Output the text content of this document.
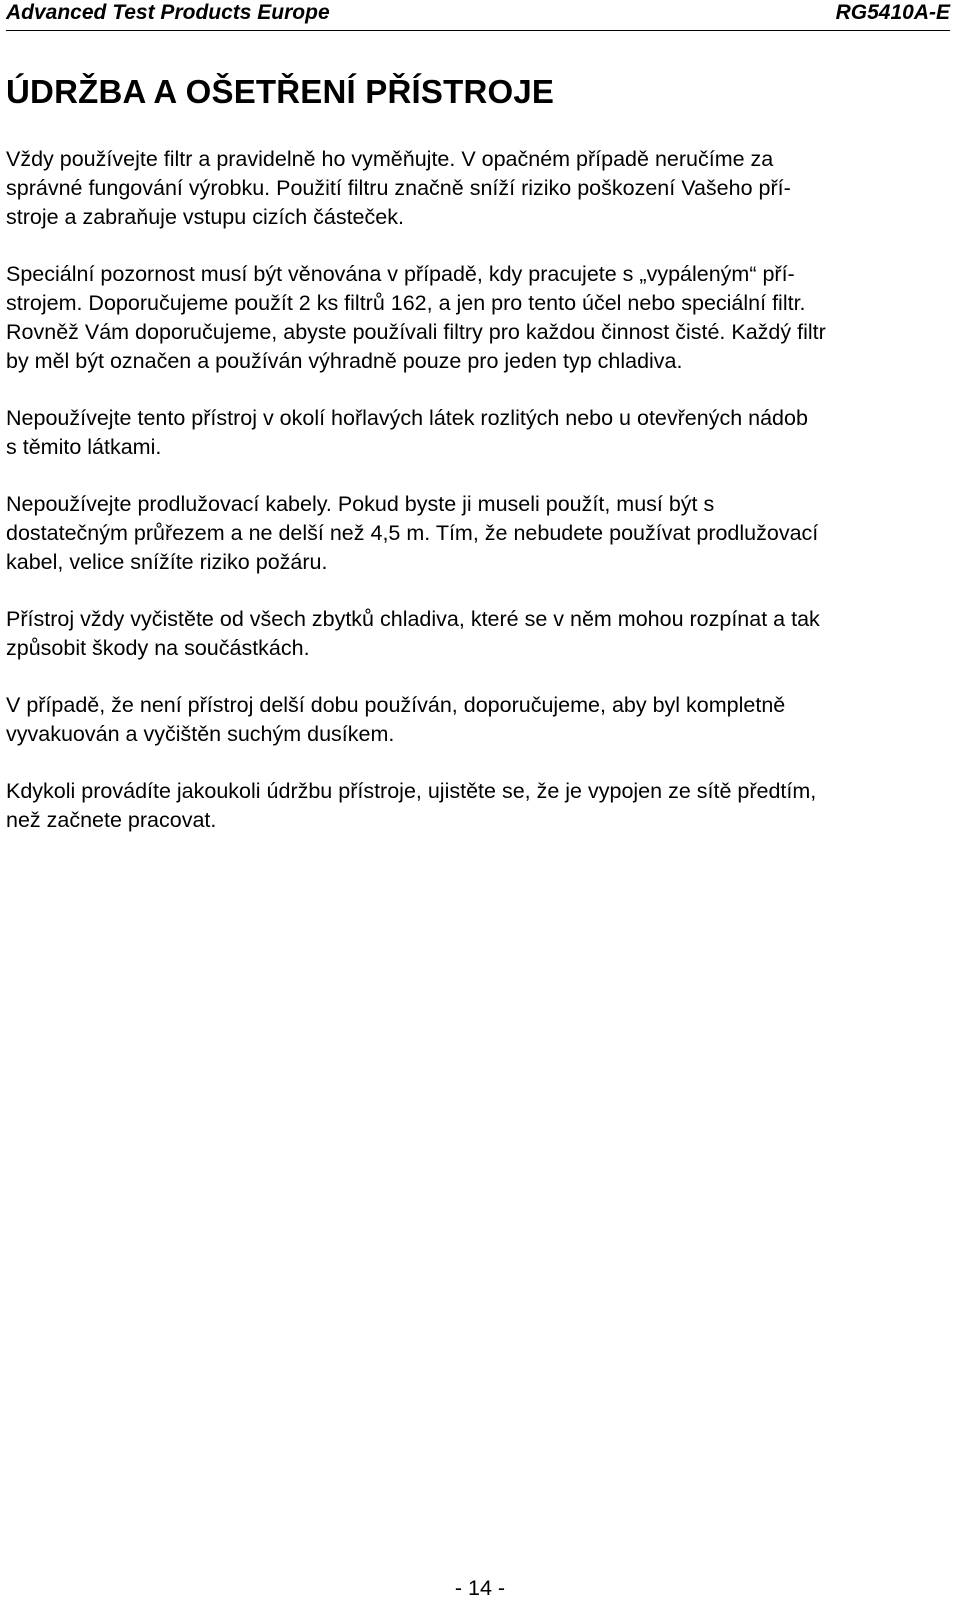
Advanced Test Products Europe	RG5410A-E
ÚDRŽBA A OŠETŘENÍ PŘÍSTROJE

Vždy používejte filtr a pravidelně ho vyměňujte. V opačném případě neručíme za
správné fungování výrobku. Použití filtru značně sníží riziko poškození Vašeho pří-
stroje a zabraňuje vstupu cizích částeček.

Speciální pozornost musí být věnována v případě, kdy pracujete s „vypáleným“ pří-
strojem. Doporučujeme použít 2 ks filtrů 162, a jen pro tento účel nebo speciální filtr.
Rovněž Vám doporučujeme, abyste používali filtry pro každou činnost čisté. Každý filtr
by měl být označen a používán výhradně pouze pro jeden typ chladiva.

Nepoužívejte tento přístroj v okolí hořlavých látek rozlitých nebo u otevřených nádob
s těmito látkami.

Nepoužívejte prodlužovací kabely. Pokud byste ji museli použít, musí být s
dostatečným průřezem a ne delší než 4,5 m. Tím, že nebudete používat prodlužovací
kabel, velice snížíte riziko požáru.

Přístroj vždy vyčistěte od všech zbytků chladiva, které se v něm mohou rozpínat a tak
způsobit škody na součástkách.

V případě, že není přístroj delší dobu používán, doporučujeme, aby byl kompletně
vyvakuován a vyčištěn suchým dusíkem.

Kdykoli provádíte jakoukoli údržbu přístroje, ujistěte se, že je vypojen ze sítě předtím,
než začnete pracovat.

- 14 -
